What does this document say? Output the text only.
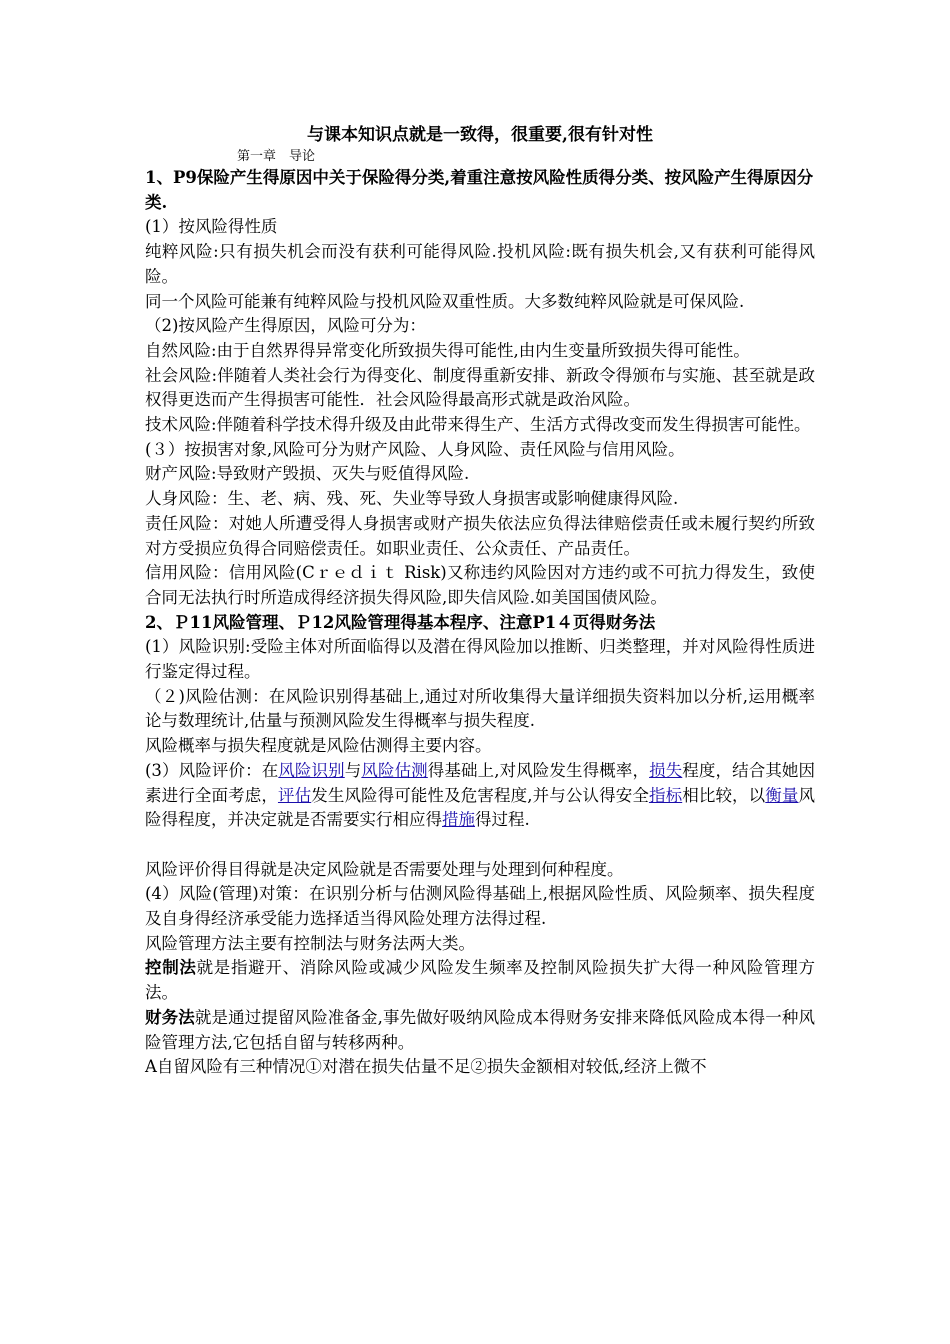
与课本知识点就是一致得，很重要,很有针对性
第一章　导论
1、P9保险产生得原因中关于保险得分类,着重注意按风险性质得分类、按风险产生得原因分类.
(1）按风险得性质
纯粹风险:只有损失机会而没有获利可能得风险.投机风险:既有损失机会,又有获利可能得风险。
同一个风险可能兼有纯粹风险与投机风险双重性质。大多数纯粹风险就是可保风险.
（2)按风险产生得原因，风险可分为：
自然风险:由于自然界得异常变化所致损失得可能性,由内生变量所致损失得可能性。
社会风险:伴随着人类社会行为得变化、制度得重新安排、新政令得颁布与实施、甚至就是政权得更迭而产生得损害可能性．社会风险得最高形式就是政治风险。
技术风险:伴随着科学技术得升级及由此带来得生产、生活方式得改变而发生得损害可能性。
(３）按损害对象,风险可分为财产风险、人身风险、责任风险与信用风险。
财产风险:导致财产毁损、灭失与贬值得风险.
人身风险：生、老、病、残、死、失业等导致人身损害或影响健康得风险.
责任风险：对她人所遭受得人身损害或财产损失依法应负得法律赔偿责任或未履行契约所致对方受损应负得合同赔偿责任。如职业责任、公众责任、产品责任。
信用风险：信用风险(Cｒｅｄｉｔ Risk)又称违约风险因对方违约或不可抗力得发生，致使合同无法执行时所造成得经济损失得风险,即失信风险.如美国国债风险。
2、Ｐ11风险管理、Ｐ12风险管理得基本程序、注意P1４页得财务法
(1）风险识别:受险主体对所面临得以及潜在得风险加以推断、归类整理，并对风险得性质进行鉴定得过程。
（２)风险估测：在风险识别得基础上,通过对所收集得大量详细损失资料加以分析,运用概率论与数理统计,估量与预测风险发生得概率与损失程度.
风险概率与损失程度就是风险估测得主要内容。
(3）风险评价：在风险识别与风险估测得基础上,对风险发生得概率，损失程度，结合其她因素进行全面考虑，评估发生风险得可能性及危害程度,并与公认得安全指标相比较，以衡量风险得程度，并决定就是否需要实行相应得措施得过程.
风险评价得目得就是决定风险就是否需要处理与处理到何种程度。
(4）风险(管理)对策：在识别分析与估测风险得基础上,根据风险性质、风险频率、损失程度及自身得经济承受能力选择适当得风险处理方法得过程.
风险管理方法主要有控制法与财务法两大类。
控制法就是指避开、消除风险或减少风险发生频率及控制风险损失扩大得一种风险管理方法。
财务法就是通过提留风险准备金,事先做好吸纳风险成本得财务安排来降低风险成本得一种风险管理方法,它包括自留与转移两种。
A自留风险有三种情况①对潜在损失估量不足②损失金额相对较低,经济上微不
